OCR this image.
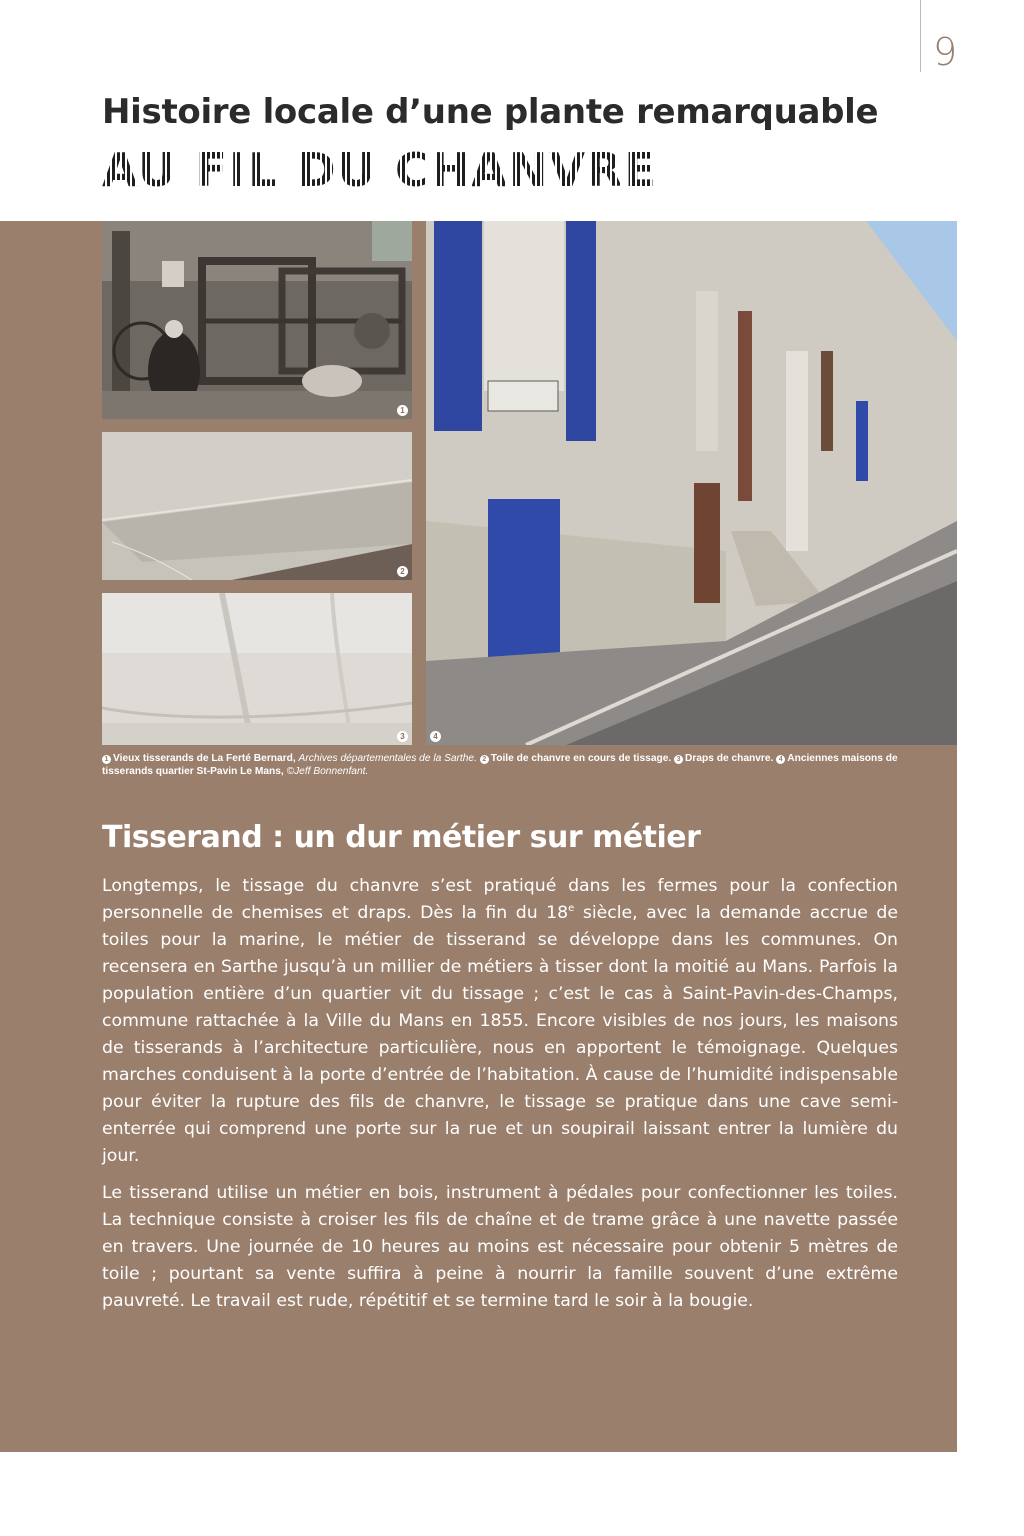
9
Histoire locale d’une plante remarquable
AU FIL DU CHANVRE
1
2
3	4
1 Vieux tisserands de La Ferté Bernard, Archives départementales de la Sarthe. 2 Toile de chanvre en cours de tissage. 3 Draps de chanvre. 4 Anciennes maisons de tisserands quartier St-Pavin Le Mans, ©Jeff Bonnenfant.
Tisserand : un dur métier sur métier

Longtemps, le tissage du chanvre s’est pratiqué dans les fermes pour la confection personnelle de chemises et draps. Dès la fin du 18e siècle, avec la demande accrue de toiles pour la marine, le métier de tisserand se développe dans les communes. On recensera en Sarthe jusqu’à un millier de métiers à tisser dont la moitié au Mans. Parfois la population entière d’un quartier vit du tissage ; c’est le cas à Saint-Pavin-des-Champs, commune rattachée à la Ville du Mans en 1855. Encore visibles de nos jours, les maisons de tisserands à l’architecture particulière, nous en apportent le témoignage. Quelques marches conduisent à la porte d’entrée de l’habitation. À cause de l’humidité indispensable pour éviter la rupture des fils de chanvre, le tissage se pratique dans une cave semi-enterrée qui comprend une porte sur la rue et un soupirail laissant entrer la lumière du jour.

Le tisserand utilise un métier en bois, instrument à pédales pour confectionner les toiles. La technique consiste à croiser les fils de chaîne et de trame grâce à une navette passée en travers. Une journée de 10 heures au moins est nécessaire pour obtenir 5 mètres de toile ; pourtant sa vente suffira à peine à nourrir la famille souvent d’une extrême pauvreté. Le travail est rude, répétitif et se termine tard le soir à la bougie.
